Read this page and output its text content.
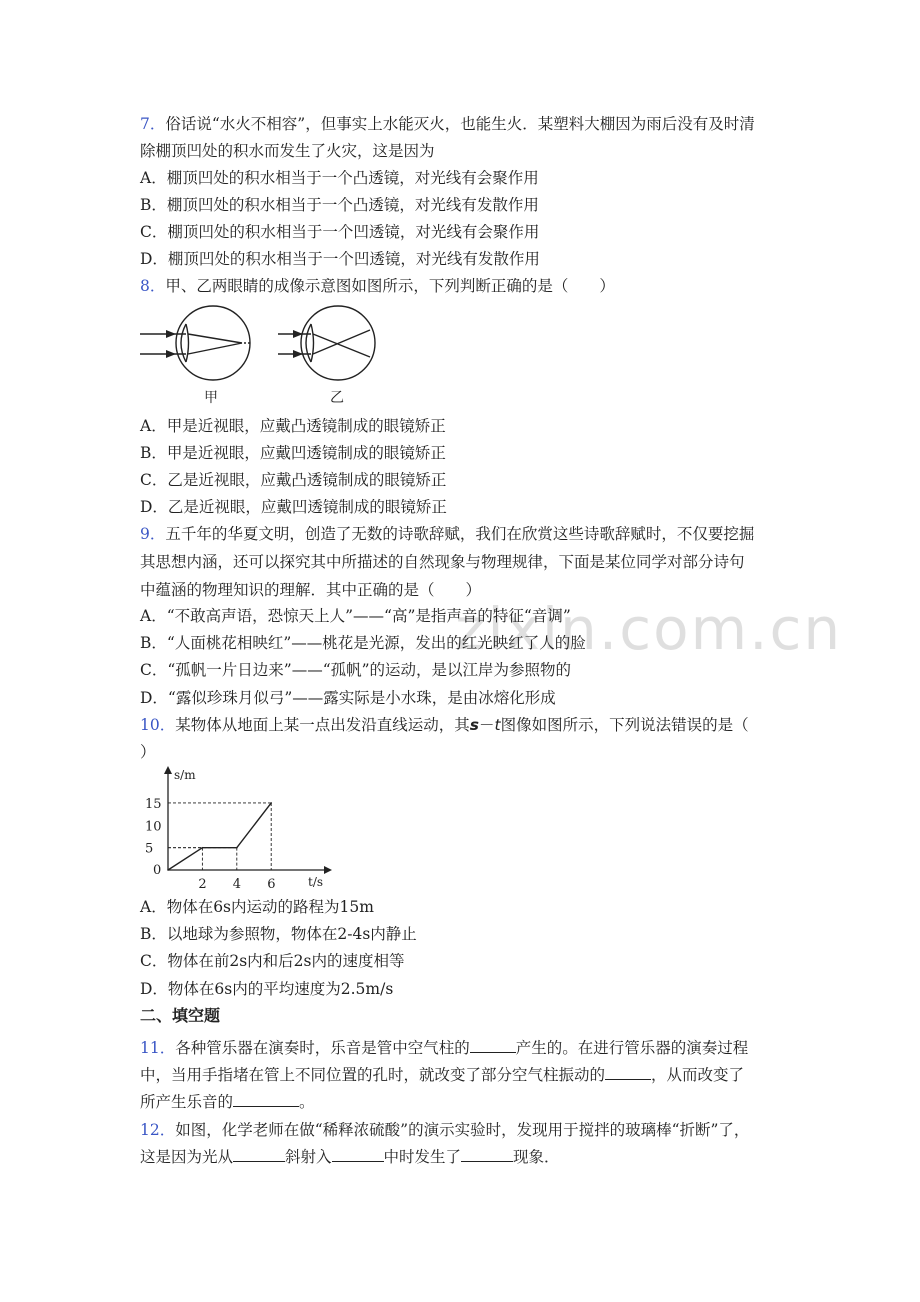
zixin.com.cn
7．俗话说“水火不相容”，但事实上水能灭火，也能生火．某塑料大棚因为雨后没有及时清
除棚顶凹处的积水而发生了火灾，这是因为
A．棚顶凹处的积水相当于一个凸透镜，对光线有会聚作用
B．棚顶凹处的积水相当于一个凸透镜，对光线有发散作用
C．棚顶凹处的积水相当于一个凹透镜，对光线有会聚作用
D．棚顶凹处的积水相当于一个凹透镜，对光线有发散作用
8．甲、乙两眼睛的成像示意图如图所示，下列判断正确的是（　　）
甲	乙
A．甲是近视眼，应戴凸透镜制成的眼镜矫正
B．甲是近视眼，应戴凹透镜制成的眼镜矫正
C．乙是近视眼，应戴凸透镜制成的眼镜矫正
D．乙是近视眼，应戴凹透镜制成的眼镜矫正
9．五千年的华夏文明，创造了无数的诗歌辞赋，我们在欣赏这些诗歌辞赋时，不仅要挖掘
其思想内涵，还可以探究其中所描述的自然现象与物理规律，下面是某位同学对部分诗句
中蕴涵的物理知识的理解．其中正确的是（　　）
A．“不敢高声语，恐惊天上人”——“高”是指声音的特征“音调”
B．“人面桃花相映红”——桃花是光源，发出的红光映红了人的脸
C．“孤帆一片日边来”——“孤帆”的运动，是以江岸为参照物的
D．“露似珍珠月似弓”——露实际是小水珠，是由冰熔化形成
10．某物体从地面上某一点出发沿直线运动，其s－t图像如图所示，下列说法错误的是（
）
s/m
t/s
0
5
10
15
2 4 6
A．物体在6s内运动的路程为15m
B．以地球为参照物，物体在2-4s内静止
C．物体在前2s内和后2s内的速度相等
D．物体在6s内的平均速度为2.5m/s
二、填空题
11．各种管乐器在演奏时，乐音是管中空气柱的	产生的。在进行管乐器的演奏过程
中，当用手指堵在管上不同位置的孔时，就改变了部分空气柱振动的	，从而改变了
所产生乐音的	。
12．如图，化学老师在做“稀释浓硫酸”的演示实验时，发现用于搅拌的玻璃棒“折断”了，
这是因为光从	斜射入	中时发生了	现象．
